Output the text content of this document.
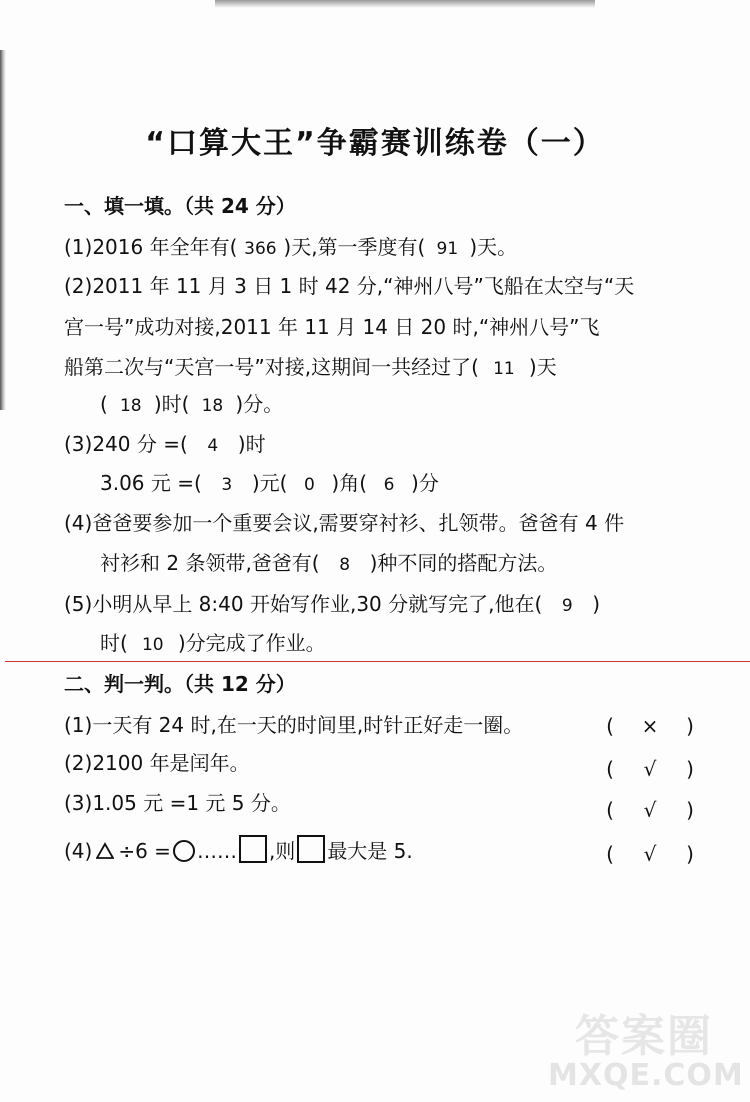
“口算大王”争霸赛训练卷（一）
一、填一填。（共 24 分）
(1)2016 年全年有( 366 )天,第一季度有( 91 )天。
(2)2011 年 11 月 3 日 1 时 42 分,“神州八号”飞船在太空与“天
宫一号”成功对接,2011 年 11 月 14 日 20 时,“神州八号”飞
船第二次与“天宫一号”对接,这期间一共经过了( 11 )天
( 18 )时( 18 )分。
(3)240 分 =( 4 )时
3.06 元 =( 3 )元( 0 )角( 6 )分
(4)爸爸要参加一个重要会议,需要穿衬衫、扎领带。爸爸有 4 件
衬衫和 2 条领带,爸爸有( 8 )种不同的搭配方法。
(5)小明从早上 8:40 开始写作业,30 分就写完了,他在( 9 )
时( 10 )分完成了作业。
二、判一判。（共 12 分）
(1)一天有 24 时,在一天的时间里,时针正好走一圈。	( × )
(2)2100 年是闰年。	( √ )
(3)1.05 元 =1 元 5 分。	( √ )
(4) ÷6 = …… ,则 最大是 5.	( √ )
答案圈
MXQE.COM
